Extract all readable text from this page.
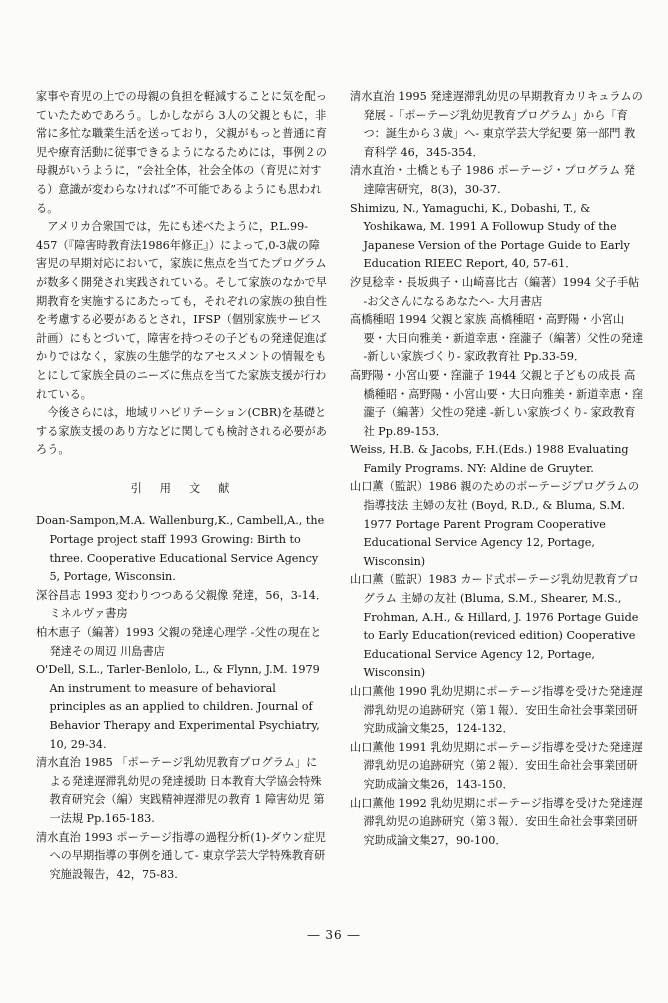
家事や育児の上での母親の負担を軽減することに気を配っていたためであろう。しかしながら 3人の父親ともに，非常に多忙な職業生活を送っており，父親がもっと普通に育児や療育活動に従事できるようになるためには，事例２の母親がいうように，“会社全体，社会全体の（育児に対する）意識が変わらなければ”不可能であるようにも思われる。

アメリカ合衆国では，先にも述べたように，P.L.99-457（『障害時教育法1986年修正』）によって,0-3歳の障害児の早期対応において，家族に焦点を当てたプログラムが数多く開発され実践されている。そして家族のなかで早期教育を実施するにあたっても，それぞれの家族の独自性を考慮する必要があるとされ，IFSP（個別家族サービス計画）にもとづいて，障害を持つその子どもの発達促進ばかりではなく，家族の生態学的なアセスメントの情報をもとにして家族全員のニーズに焦点を当てた家族支援が行われている。

今後さらには，地域リハビリテーション(CBR)を基礎とする家族支援のあり方などに関しても検討される必要があろう。

引用文献

Doan-Sampon,M.A. Wallenburg,K., Cambell,A., the Portage project staff 1993 Growing: Birth to three. Cooperative Educational Service Agency 5, Portage, Wisconsin.

深谷昌志 1993 変わりつつある父親像 発達，56，3-14．ミネルヴァ書房

柏木恵子（編著）1993 父親の発達心理学 -父性の現在と発達その周辺 川島書店

O'Dell, S.L., Tarler-Benlolo, L., & Flynn, J.M. 1979 An instrument to measure of behavioral principles as an applied to children. Journal of Behavior Therapy and Experimental Psychiatry, 10, 29-34.

清水直治 1985 「ポーテージ乳幼児教育プログラム」による発達遅滞乳幼児の発達援助 日本教育大学協会特殊教育研究会（編）実践精神遅滞児の教育 1 障害幼児 第一法規 Pp.165-183.

清水直治 1993 ポーテージ指導の過程分析(1)-ダウン症児への早期指導の事例を通して- 東京学芸大学特殊教育研究施設報告，42，75-83.

清水直治 1995 発達遅滞乳幼児の早期教育カリキュラムの発展 -「ポーテージ乳幼児教育プログラム」から「育つ：誕生から３歳」へ- 東京学芸大学紀要 第一部門 教育科学 46，345-354．

清水直治・土橋とも子 1986 ポーテージ・プログラム 発達障害研究，8(3)，30-37.

Shimizu, N., Yamaguchi, K., Dobashi, T., & Yoshikawa, M. 1991 A Followup Study of the Japanese Version of the Portage Guide to Early Education RIEEC Report, 40, 57-61．

汐見稔幸・長坂典子・山崎喜比古（編著）1994 父子手帖 -お父さんになるあなたへ- 大月書店

高橋種昭 1994 父親と家族 高橋種昭・高野陽・小宮山要・大日向雅美・新道幸恵・窪瀧子（編著）父性の発達 -新しい家族づくり- 家政教育社 Pp.33-59．

高野陽・小宮山要・窪瀧子 1944 父親と子どもの成長 高橋種昭・高野陽・小宮山要・大日向雅美・新道幸恵・窪瀧子（編著）父性の発達 -新しい家族づくり- 家政教育社 Pp.89-153．

Weiss, H.B. & Jacobs, F.H.(Eds.) 1988 Evaluating Family Programs. NY: Aldine de Gruyter.

山口薫（監訳）1986 親のためのポーテージプログラムの指導技法 主婦の友社 (Boyd, R.D., & Bluma, S.M. 1977 Portage Parent Program Cooperative Educational Service Agency 12, Portage, Wisconsin)

山口薫（監訳）1983 カード式ポーテージ乳幼児教育プログラム 主婦の友社 (Bluma, S.M., Shearer, M.S., Frohman, A.H., & Hillard, J. 1976 Portage Guide to Early Education(reviced edition) Cooperative Educational Service Agency 12, Portage, Wisconsin)

山口薫他 1990 乳幼児期にポーテージ指導を受けた発達遅滞乳幼児の追跡研究（第１報）．安田生命社会事業団研究助成論文集25，124-132．

山口薫他 1991 乳幼児期にポーテージ指導を受けた発達遅滞乳幼児の追跡研究（第２報）．安田生命社会事業団研究助成論文集26，143-150．

山口薫他 1992 乳幼児期にポーテージ指導を受けた発達遅滞乳幼児の追跡研究（第３報）．安田生命社会事業団研究助成論文集27，90-100．

― 36 ―
